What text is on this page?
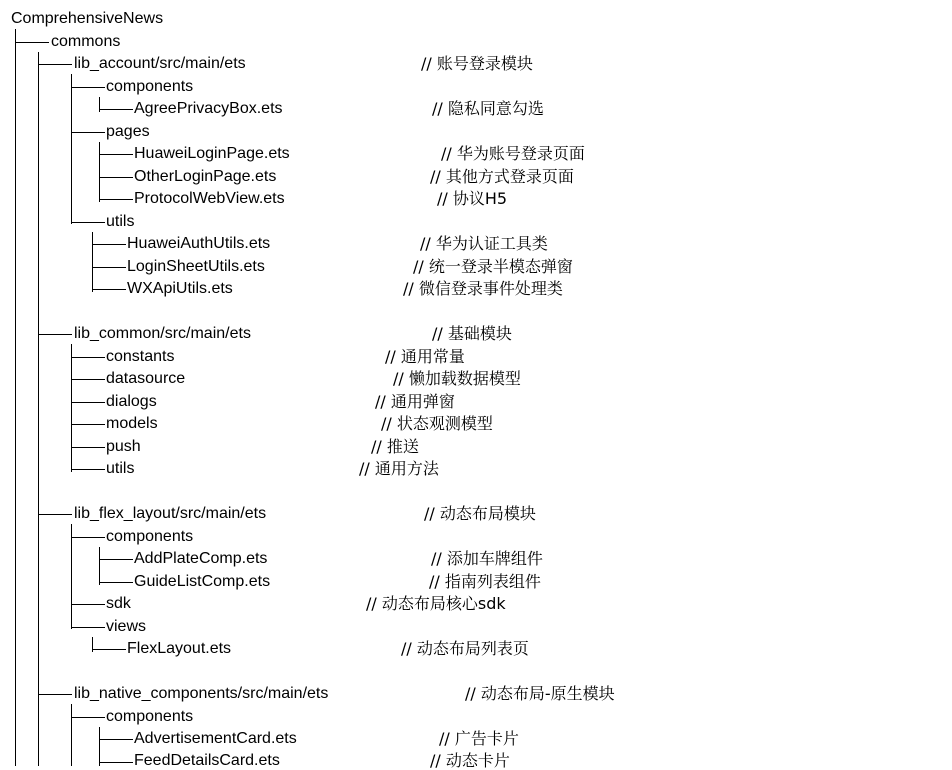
ComprehensiveNews
commons
lib_account/src/main/ets	// 账号登录模块
components
AgreePrivacyBox.ets	// 隐私同意勾选
pages
HuaweiLoginPage.ets	// 华为账号登录页面
OtherLoginPage.ets	// 其他方式登录页面
ProtocolWebView.ets	// 协议H5
utils
HuaweiAuthUtils.ets	// 华为认证工具类
LoginSheetUtils.ets	// 统一登录半模态弹窗
WXApiUtils.ets	// 微信登录事件处理类
lib_common/src/main/ets	// 基础模块
constants	// 通用常量
datasource	// 懒加载数据模型
dialogs	// 通用弹窗
models	// 状态观测模型
push	// 推送
utils	// 通用方法
lib_flex_layout/src/main/ets	// 动态布局模块
components
AddPlateComp.ets	// 添加车牌组件
GuideListComp.ets	// 指南列表组件
sdk	// 动态布局核心sdk
views
FlexLayout.ets	// 动态布局列表页
lib_native_components/src/main/ets	// 动态布局-原生模块
components
AdvertisementCard.ets	// 广告卡片
FeedDetailsCard.ets	// 动态卡片
